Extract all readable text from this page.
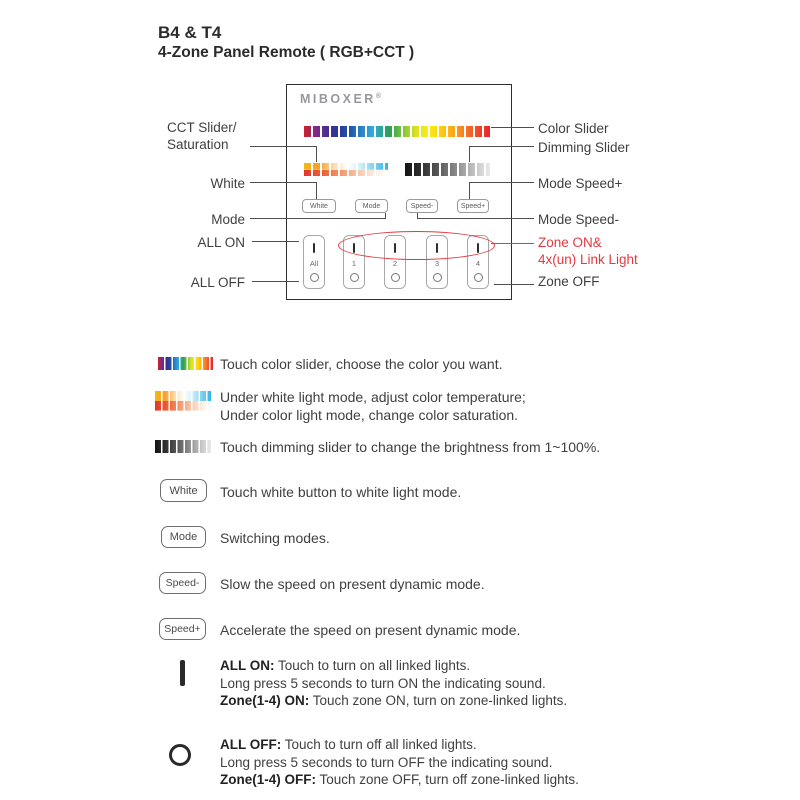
B4 & T4
4-Zone Panel Remote ( RGB+CCT )
MIBOXER®
White	Mode	Speed-	Speed+
All	1	2	3	4
CCT Slider/
Saturation
White
Mode
ALL ON
ALL OFF
Color Slider
Dimming Slider
Mode Speed+
Mode Speed-
Zone ON&
4x(un) Link Light
Zone OFF
Touch color slider, choose the color you want.
Under white light mode, adjust color temperature;
Under color light mode, change color saturation.
Touch dimming slider to change the brightness from 1~100%.
White	Touch white button to white light mode.
Mode	Switching modes.
Speed-	Slow the speed on present dynamic mode.
Speed+	Accelerate the speed on present dynamic mode.
ALL ON: Touch to turn on all linked lights.
Long press 5 seconds to turn ON the indicating sound.
Zone(1-4) ON: Touch zone ON, turn on zone-linked lights.
ALL OFF: Touch to turn off all linked lights.
Long press 5 seconds to turn OFF the indicating sound.
Zone(1-4) OFF: Touch zone OFF, turn off zone-linked lights.
